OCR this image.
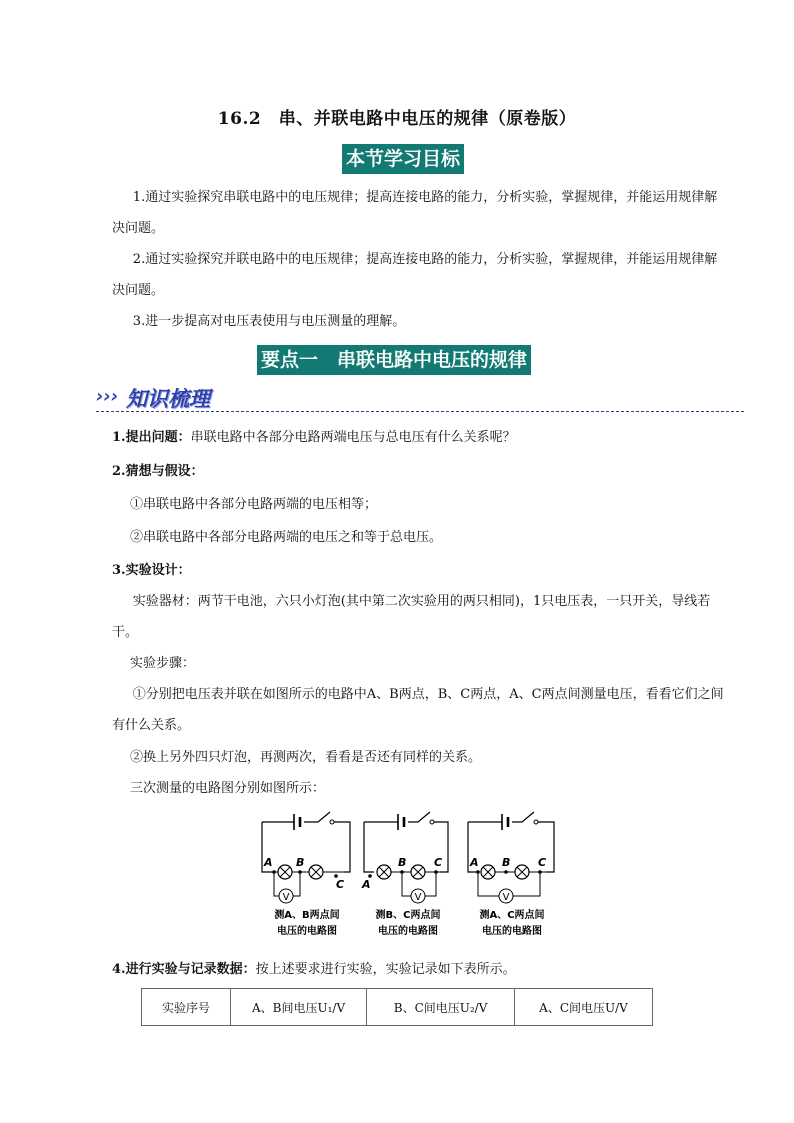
16.2　串、并联电路中电压的规律（原卷版）
本节学习目标
1.通过实验探究串联电路中的电压规律；提高连接电路的能力，分析实验，掌握规律，并能运用规律解决问题。
2.通过实验探究并联电路中的电压规律；提高连接电路的能力，分析实验，掌握规律，并能运用规律解决问题。
3.进一步提高对电压表使用与电压测量的理解。
要点一　串联电路中电压的规律
››› 知识梳理
1.提出问题：串联电路中各部分电路两端电压与总电压有什么关系呢？
2.猜想与假设：
①串联电路中各部分电路两端的电压相等；
②串联电路中各部分电路两端的电压之和等于总电压。
3.实验设计：
实验器材：两节干电池，六只小灯泡(其中第二次实验用的两只相同)，1只电压表，一只开关，导线若干。
实验步骤：
①分别把电压表并联在如图所示的电路中A、B两点，B、C两点，A、C两点间测量电压，看看它们之间有什么关系。
②换上另外四只灯泡，再测两次，看看是否还有同样的关系。
三次测量的电路图分别如图所示：
V
A B
C
测A、B两点间
电压的电路图
V
A
B	C
测B、C两点间
电压的电路图
V
A B	C
测A、C两点间
电压的电路图
4.进行实验与记录数据：按上述要求进行实验，实验记录如下表所示。
实验序号	A、B间电压U₁/V	B、C间电压U₂/V	A、C间电压U/V
